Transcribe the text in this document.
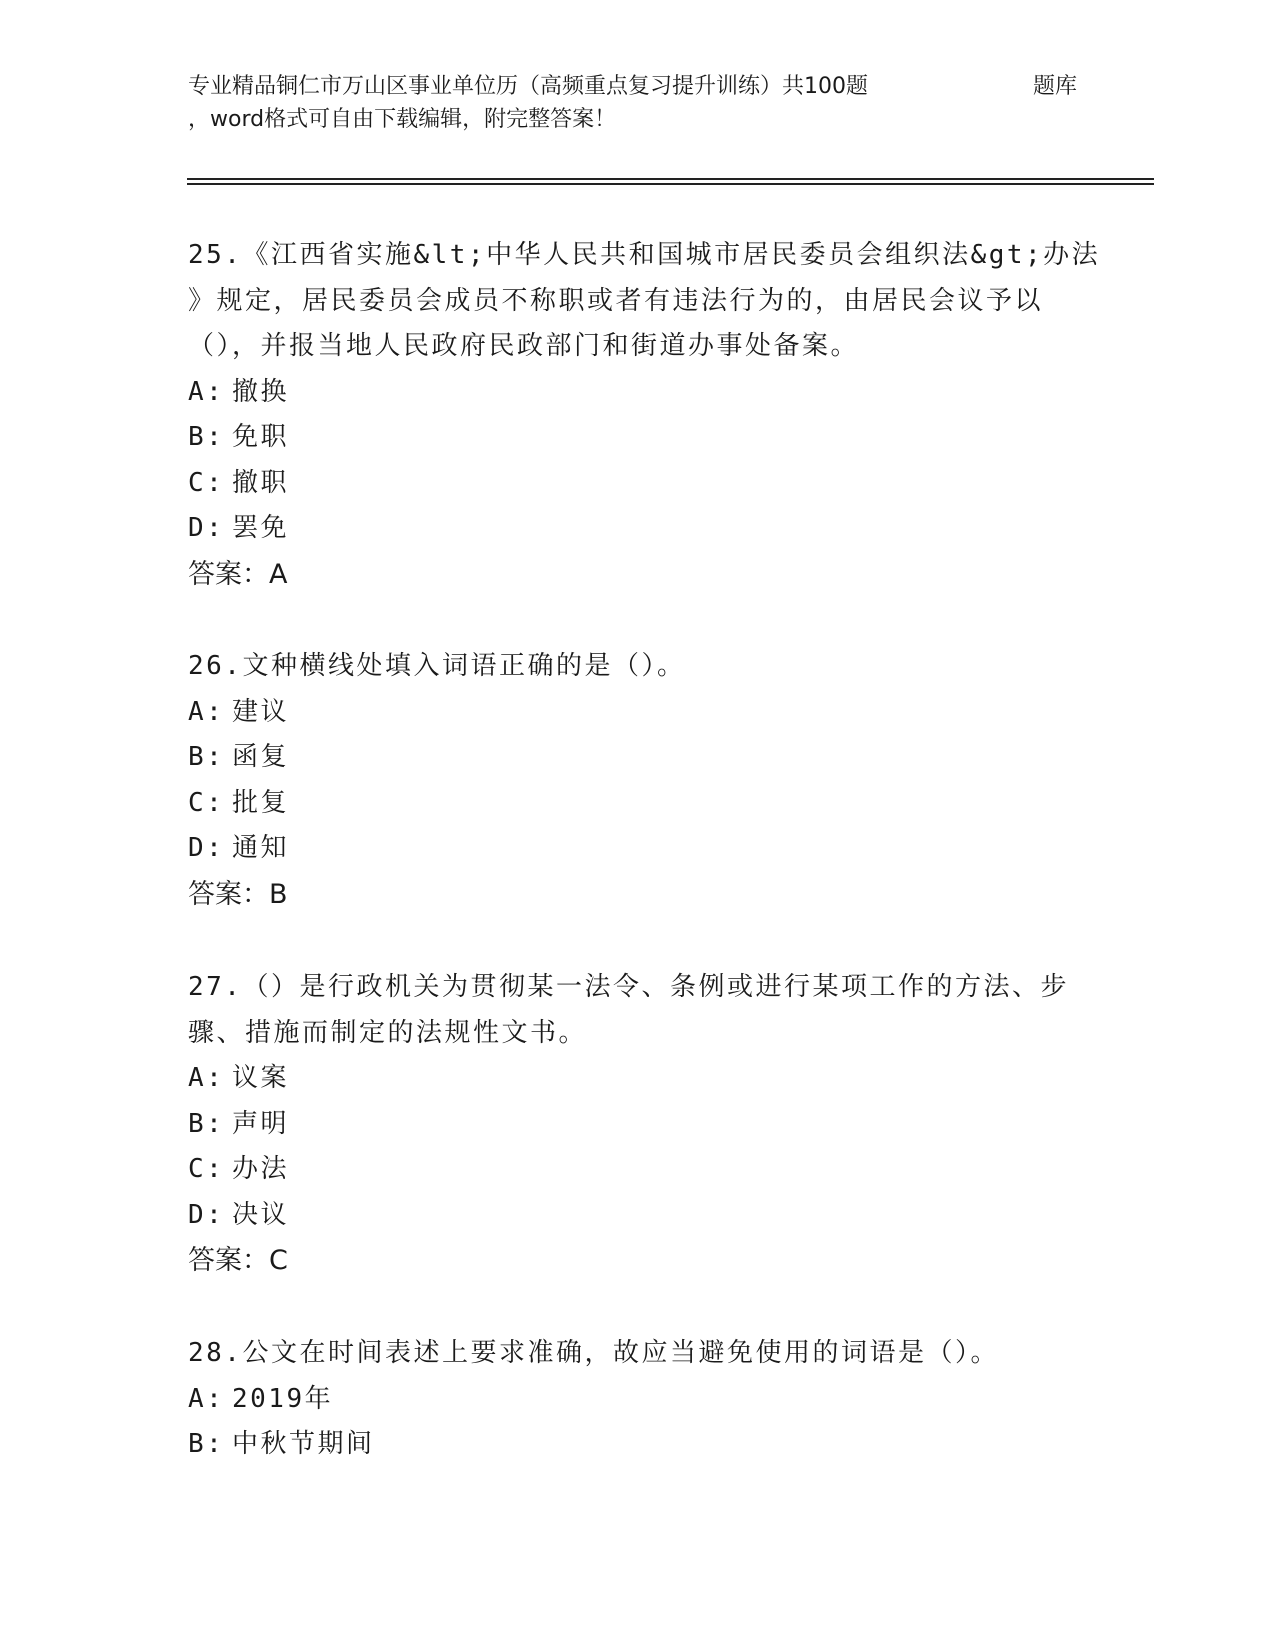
专业精品铜仁市万山区事业单位历（高频重点复习提升训练）共100题	题库
，word格式可自由下载编辑，附完整答案！
25.《江西省实施&lt;中华人民共和国城市居民委员会组织法&gt;办法
》规定，居民委员会成员不称职或者有违法行为的，由居民会议予以
（），并报当地人民政府民政部门和街道办事处备案。
A: 撤换
B: 免职
C: 撤职
D: 罢免
答案：A
26.文种横线处填入词语正确的是（）。
A: 建议
B: 函复
C: 批复
D: 通知
答案：B
27.（）是行政机关为贯彻某一法令、条例或进行某项工作的方法、步
骤、措施而制定的法规性文书。
A: 议案
B: 声明
C: 办法
D: 决议
答案：C
28.公文在时间表述上要求准确，故应当避免使用的词语是（）。
A: 2019年
B: 中秋节期间
